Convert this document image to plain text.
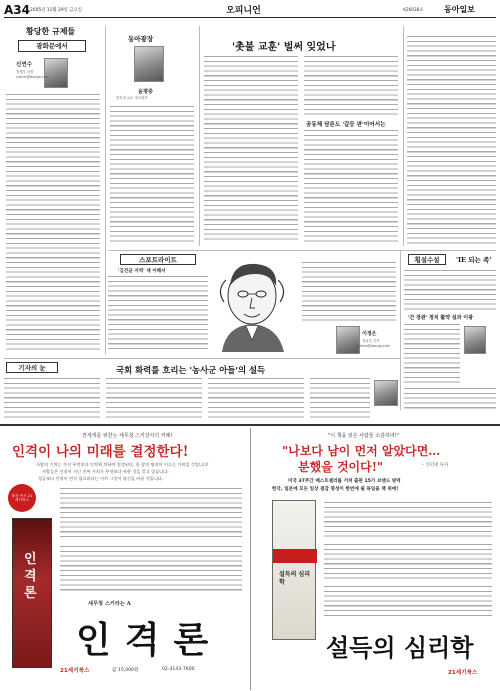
A34 2005년 11월 29일 금요일	오피니언	제26038호	동아일보
황당한 규제들
광화문에서
신연수
경제부 차장
ysshin@donga.com
동아광장
윤평중
한신대 교수·정치철학
'촛불 교훈' 벌써 잊었나
공동체 담론도 '갈등 판'이어서는
스포트라이트
'김진균 지역' 세 이해서
횡설수설	'IE 되는 족'
'간 장관' 정치 활약 실과 이광
기자의 눈	국회 화력를 흐리는 '농사군 아들'의 설득
이정은
정치부 기자
lightee@donga.com
권세개를 위한는 세무청 스키강서의 커례!
인격이 나의 미래를 결정한다!
사람의 기치는 가진 무엇보다 인격에 의하여 결정된다. 한 장의 명작이 이루는 가치일 것입니다!
사람들은 인격이 지닌 진짜 가치가 무엇보다 귀한 것을 알고 있습니다.
성공보다 인격이 먼저 필요하다는 이치 그것이 당신을 바꿀 것입니다.
출간 즉시 21세기북스
인격론
세무청 스키라는 A
인격론
21세기북스	값 15,000원	02-3143-7600
"이 책을 읽은 사람들 소감하여!"
"나보다 남이 먼저 알았다면…
분했을 것이다!"	– 인터넷 독자
미국 37주간 베스트셀러를 거쳐 출판 15가 브랜드 방역
한국, 일본에 모든 일상 절감 명성이 한번에 될 독일을 책 위에!
설득의 심리학
설득의 심리학
21세기북스
